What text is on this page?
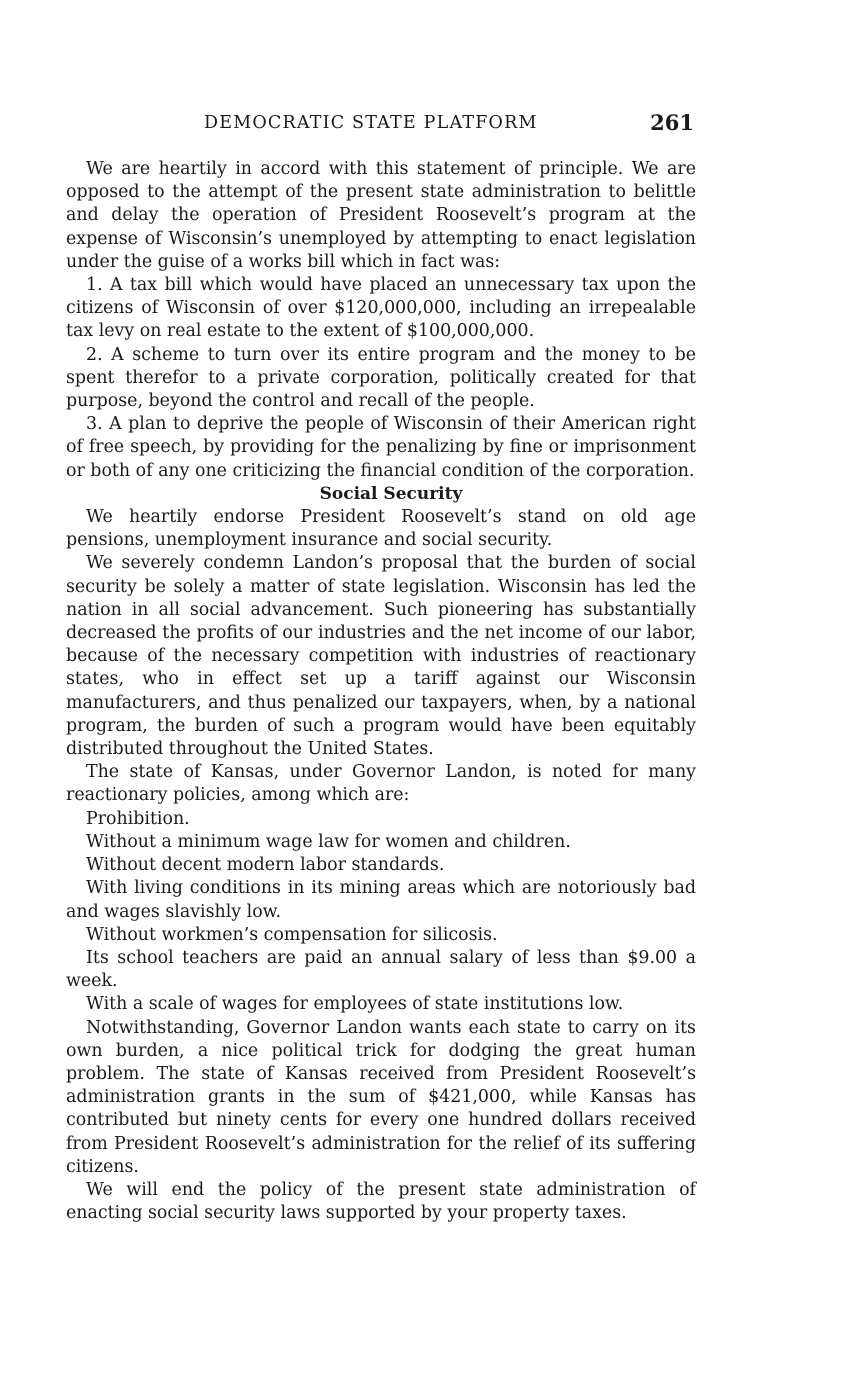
DEMOCRATIC STATE PLATFORM	261

We are heartily in accord with this statement of principle. We are opposed to the attempt of the present state administration to belittle and delay the operation of President Roosevelt’s program at the expense of Wisconsin’s unemployed by attempting to enact legislation under the guise of a works bill which in fact was:

1. A tax bill which would have placed an unnecessary tax upon the citizens of Wisconsin of over $120,000,000, including an irrepealable tax levy on real estate to the extent of $100,000,000.

2. A scheme to turn over its entire program and the money to be spent therefor to a private corporation, politically created for that purpose, beyond the control and recall of the people.

3. A plan to deprive the people of Wisconsin of their American right of free speech, by providing for the penalizing by fine or imprisonment or both of any one criticizing the financial condition of the corporation.

Social Security

We heartily endorse President Roosevelt’s stand on old age pensions, unemployment insurance and social security.

We severely condemn Landon’s proposal that the burden of social security be solely a matter of state legislation. Wisconsin has led the nation in all social advancement. Such pioneering has substantially decreased the profits of our industries and the net income of our labor, because of the necessary competition with industries of reactionary states, who in effect set up a tariff against our Wisconsin manufacturers, and thus penalized our taxpayers, when, by a national program, the burden of such a program would have been equitably distributed throughout the United States.

The state of Kansas, under Governor Landon, is noted for many reactionary policies, among which are:

Prohibition.

Without a minimum wage law for women and children.

Without decent modern labor standards.

With living conditions in its mining areas which are notoriously bad and wages slavishly low.

Without workmen’s compensation for silicosis.

Its school teachers are paid an annual salary of less than $9.00 a week.

With a scale of wages for employees of state institutions low.

Notwithstanding, Governor Landon wants each state to carry on its own burden, a nice political trick for dodging the great human problem. The state of Kansas received from President Roosevelt’s administration grants in the sum of $421,000, while Kansas has contributed but ninety cents for every one hundred dollars received from President Roosevelt’s administration for the relief of its suffering citizens.

We will end the policy of the present state administration of enacting social security laws supported by your property taxes.
